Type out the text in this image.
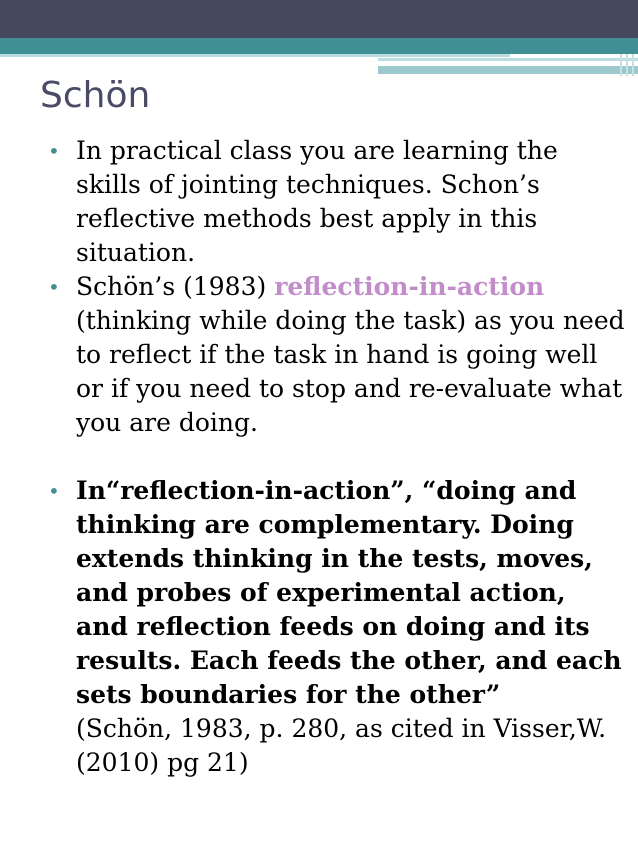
Schön
• In practical class you are learning the skills of jointing techniques. Schon’s reflective methods best apply in this situation.
• Schön’s (1983) reflection-in-action (thinking while doing the task) as you need to reflect if the task in hand is going well or if you need to stop and re-evaluate what you are doing.
• In“reflection-in-action”, “doing and thinking are complementary. Doing extends thinking in the tests, moves, and probes of experimental action, and reflection feeds on doing and its results. Each feeds the other, and each sets boundaries for the other”
(Schön, 1983, p. 280, as cited in Visser,W.(2010) pg 21)
